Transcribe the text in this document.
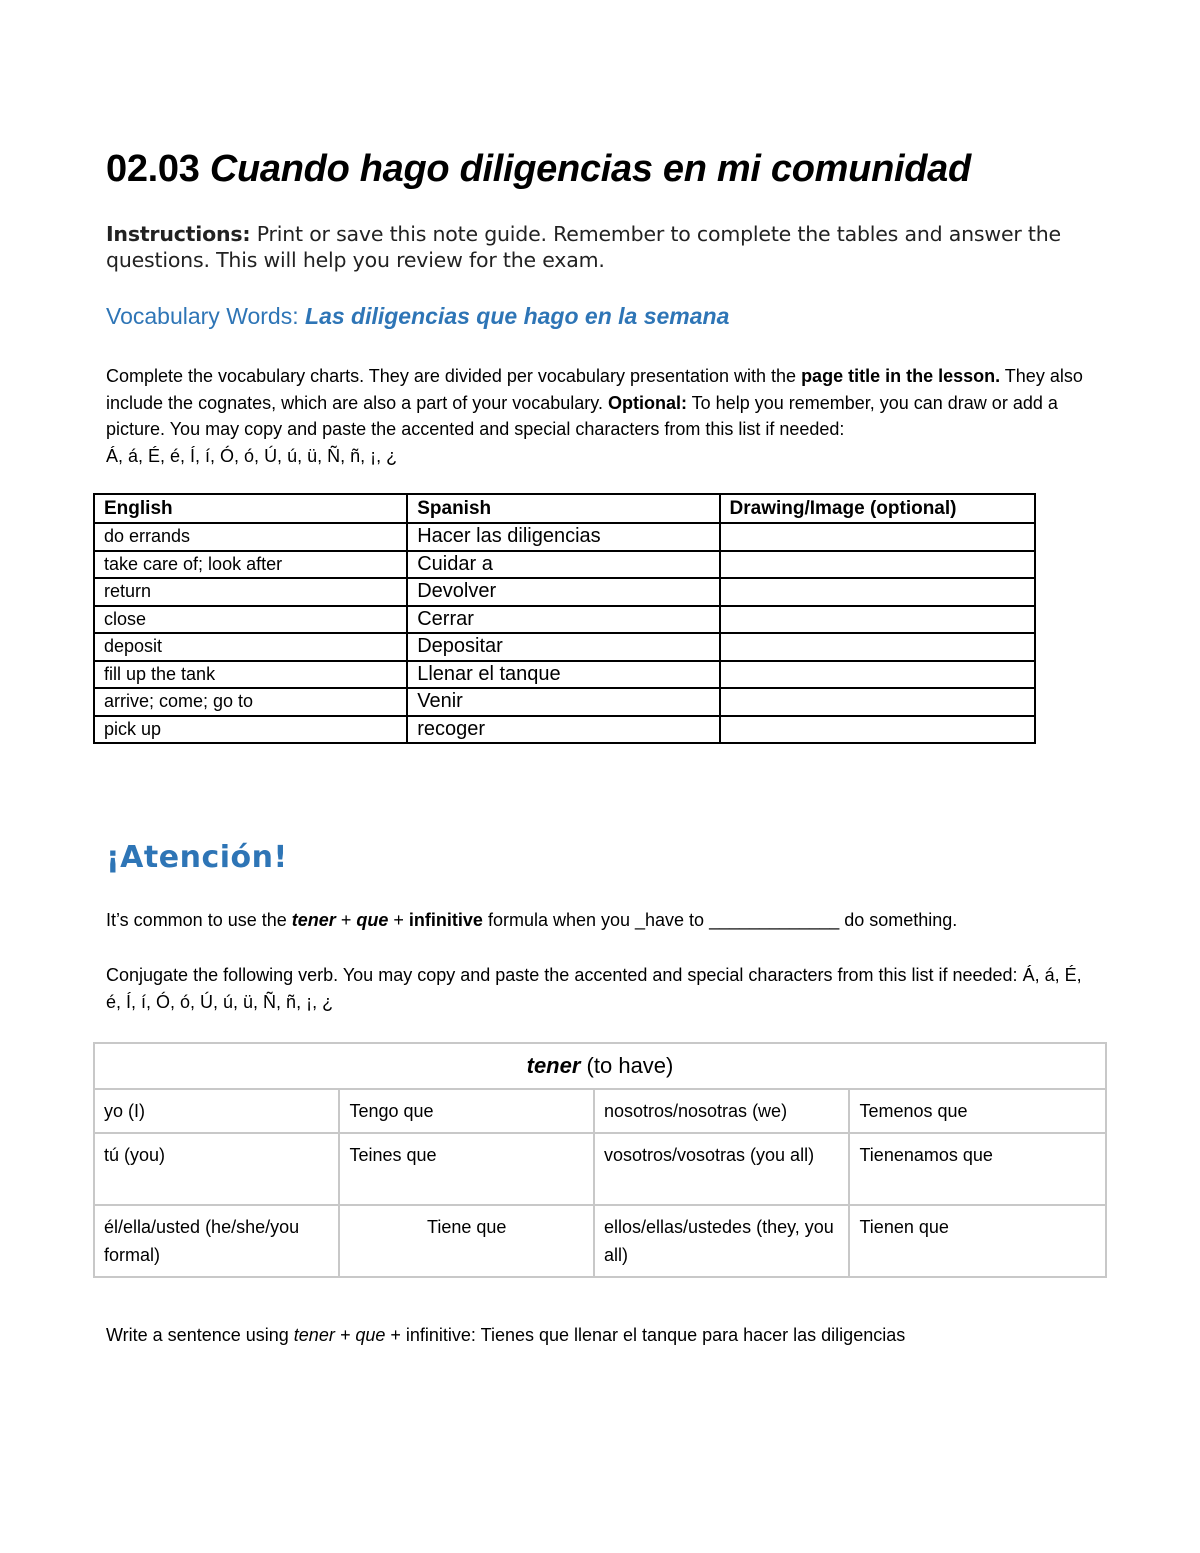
02.03 Cuando hago diligencias en mi comunidad
Instructions: Print or save this note guide. Remember to complete the tables and answer the questions. This will help you review for the exam.
Vocabulary Words: Las diligencias que hago en la semana
Complete the vocabulary charts. They are divided per vocabulary presentation with the page title in the lesson. They also include the cognates, which are also a part of your vocabulary. Optional: To help you remember, you can draw or add a picture. You may copy and paste the accented and special characters from this list if needed:
Á, á, É, é, Í, í, Ó, ó, Ú, ú, ü, Ñ, ñ, ¡, ¿
English	Spanish	Drawing/Image (optional)
do errands	Hacer las diligencias	
take care of; look after	Cuidar a	
return	Devolver	
close	Cerrar	
deposit	Depositar	
fill up the tank	Llenar el tanque	
arrive; come; go to	Venir	
pick up	recoger	
¡Atención!
It’s common to use the tener + que + infinitive formula when you _have to _____________ do something.
Conjugate the following verb. You may copy and paste the accented and special characters from this list if needed: Á, á, É, é, Í, í, Ó, ó, Ú, ú, ü, Ñ, ñ, ¡, ¿
tener (to have)			
yo (I)	Tengo que	nosotros/nosotras (we)	Temenos que
tú (you)	Teines que	vosotros/vosotras (you all)	Tienenamos que
él/ella/usted (he/she/you formal)	Tiene que	ellos/ellas/ustedes (they, you all)	Tienen que
Write a sentence using tener + que + infinitive: Tienes que llenar el tanque para hacer las diligencias
